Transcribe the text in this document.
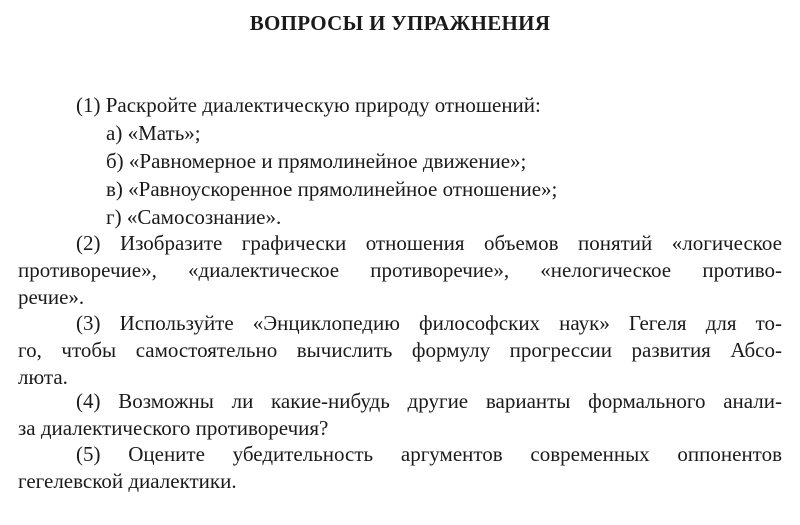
ВОПРОСЫ И УПРАЖНЕНИЯ
(1) Раскройте диалектическую природу отношений:
а) «Мать»;
б) «Равномерное и прямолинейное движение»;
в) «Равноускоренное прямолинейное отношение»;
г) «Самосознание».
(2) Изобразите графически отношения объемов понятий «логическое
противоречие», «диалектическое противоречие», «нелогическое противо-
речие».
(3) Используйте «Энциклопедию философских наук» Гегеля для то-
го, чтобы самостоятельно вычислить формулу прогрессии развития Абсо-
люта.
(4) Возможны ли какие-нибудь другие варианты формального анали-
за диалектического противоречия?
(5) Оцените убедительность аргументов современных оппонентов
гегелевской диалектики.
